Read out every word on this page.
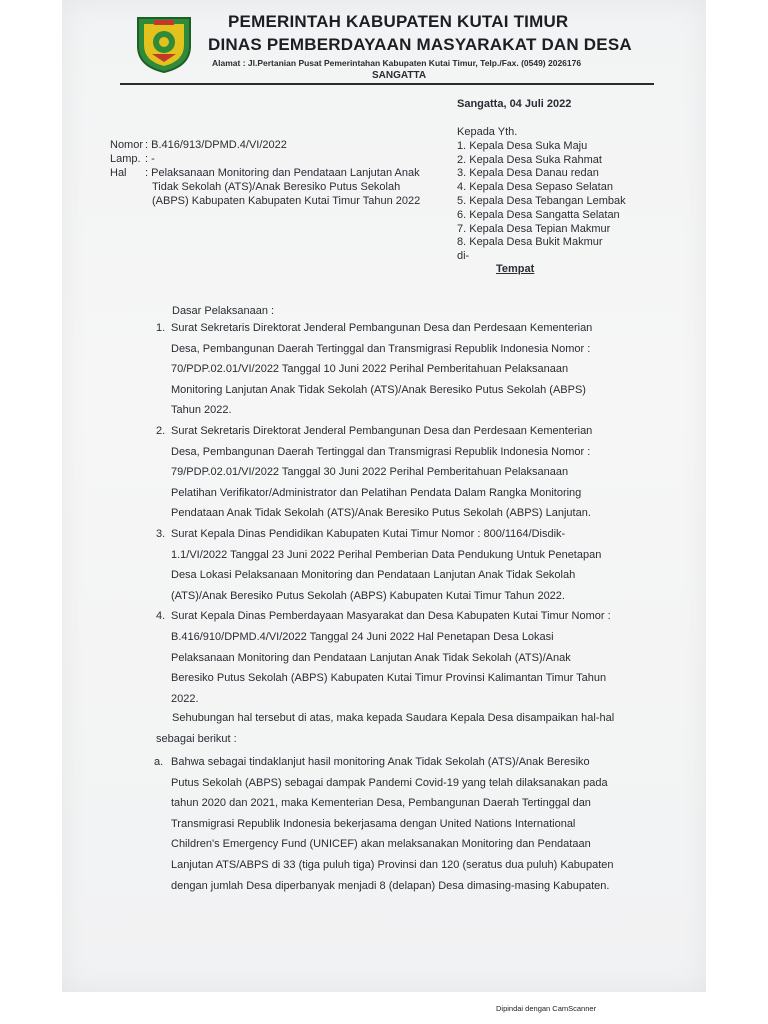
PEMERINTAH KABUPATEN KUTAI TIMUR
DINAS PEMBERDAYAAN MASYARAKAT DAN DESA
Alamat : Jl.Pertanian Pusat Pemerintahan Kabupaten Kutai Timur, Telp./Fax. (0549) 2026176
SANGATTA
Sangatta, 04 Juli 2022
Nomor : B.416/913/DPMD.4/VI/2022
Lamp. : -
Hal : Pelaksanaan Monitoring dan Pendataan Lanjutan Anak
Tidak Sekolah (ATS)/Anak Beresiko Putus Sekolah
(ABPS) Kabupaten Kabupaten Kutai Timur Tahun 2022
Kepada Yth.
1. Kepala Desa Suka Maju
2. Kepala Desa Suka Rahmat
3. Kepala Desa Danau redan
4. Kepala Desa Sepaso Selatan
5. Kepala Desa Tebangan Lembak
6. Kepala Desa Sangatta Selatan
7. Kepala Desa Tepian Makmur
8. Kepala Desa Bukit Makmur
di-
Tempat
Dasar Pelaksanaan :
1. Surat Sekretaris Direktorat Jenderal Pembangunan Desa dan Perdesaan Kementerian
Desa, Pembangunan Daerah Tertinggal dan Transmigrasi Republik Indonesia Nomor :
70/PDP.02.01/VI/2022 Tanggal 10 Juni 2022 Perihal Pemberitahuan Pelaksanaan
Monitoring Lanjutan Anak Tidak Sekolah (ATS)/Anak Beresiko Putus Sekolah (ABPS)
Tahun 2022.
2. Surat Sekretaris Direktorat Jenderal Pembangunan Desa dan Perdesaan Kementerian
Desa, Pembangunan Daerah Tertinggal dan Transmigrasi Republik Indonesia Nomor :
79/PDP.02.01/VI/2022 Tanggal 30 Juni 2022 Perihal Pemberitahuan Pelaksanaan
Pelatihan Verifikator/Administrator dan Pelatihan Pendata Dalam Rangka Monitoring
Pendataan Anak Tidak Sekolah (ATS)/Anak Beresiko Putus Sekolah (ABPS) Lanjutan.
3. Surat Kepala Dinas Pendidikan Kabupaten Kutai Timur Nomor : 800/1164/Disdik-
1.1/VI/2022 Tanggal 23 Juni 2022 Perihal Pemberian Data Pendukung Untuk Penetapan
Desa Lokasi Pelaksanaan Monitoring dan Pendataan Lanjutan Anak Tidak Sekolah
(ATS)/Anak Beresiko Putus Sekolah (ABPS) Kabupaten Kutai Timur Tahun 2022.
4. Surat Kepala Dinas Pemberdayaan Masyarakat dan Desa Kabupaten Kutai Timur Nomor :
B.416/910/DPMD.4/VI/2022 Tanggal 24 Juni 2022 Hal Penetapan Desa Lokasi
Pelaksanaan Monitoring dan Pendataan Lanjutan Anak Tidak Sekolah (ATS)/Anak
Beresiko Putus Sekolah (ABPS) Kabupaten Kutai Timur Provinsi Kalimantan Timur Tahun
2022.
Sehubungan hal tersebut di atas, maka kepada Saudara Kepala Desa disampaikan hal-hal
sebagai berikut :
a. Bahwa sebagai tindaklanjut hasil monitoring Anak Tidak Sekolah (ATS)/Anak Beresiko
Putus Sekolah (ABPS) sebagai dampak Pandemi Covid-19 yang telah dilaksanakan pada
tahun 2020 dan 2021, maka Kementerian Desa, Pembangunan Daerah Tertinggal dan
Transmigrasi Republik Indonesia bekerjasama dengan United Nations International
Children's Emergency Fund (UNICEF) akan melaksanakan Monitoring dan Pendataan
Lanjutan ATS/ABPS di 33 (tiga puluh tiga) Provinsi dan 120 (seratus dua puluh) Kabupaten
dengan jumlah Desa diperbanyak menjadi 8 (delapan) Desa dimasing-masing Kabupaten.
Dipindai dengan CamScanner
